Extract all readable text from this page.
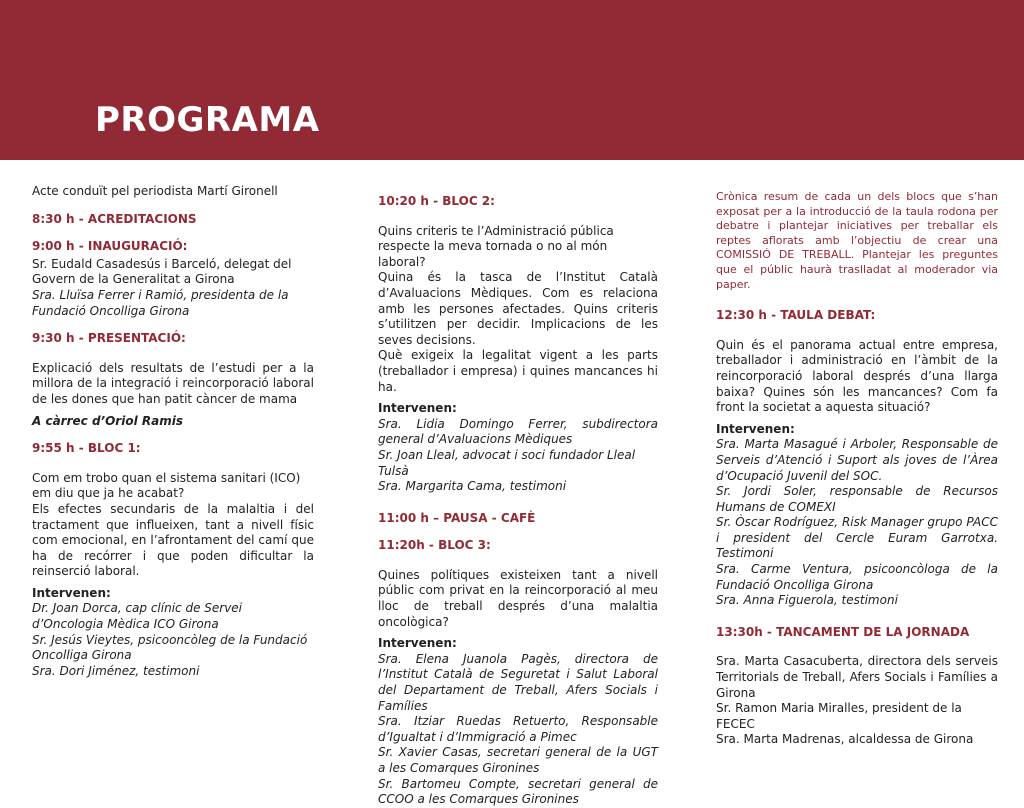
PROGRAMA

Acte conduït pel periodista Martí Gironell

8:30 h - ACREDITACIONS

9:00 h - INAUGURACIÓ:

Sr. Eudald Casadesús i Barceló, delegat del Govern de la Generalitat a Girona

Sra. Lluïsa Ferrer i Ramió, presidenta de la Fundació Oncolliga Girona

9:30 h - PRESENTACIÓ:

Explicació dels resultats de l’estudi per a la millora de la integració i reincorporació laboral de les dones que han patit càncer de mama

A càrrec d’Oriol Ramis

9:55 h - BLOC 1:

Com em trobo quan el sistema sanitari (ICO) em diu que ja he acabat?

Els efectes secundaris de la malaltia i del tractament que influeixen, tant a nivell físic com emocional, en l’afrontament del camí que ha de recórrer i que poden dificultar la reinserció laboral.

Intervenen:

Dr. Joan Dorca, cap clínic de Servei d’Oncologia Mèdica ICO Girona

Sr. Jesús Vieytes, psicooncòleg de la Fundació Oncolliga Girona

Sra. Dori Jiménez, testimoni

10:20 h - BLOC 2:

Quins criteris te l’Administració pública respecte la meva tornada o no al món laboral?

Quina és la tasca de l’Institut Català d’Avaluacions Mèdiques. Com es relaciona amb les persones afectades. Quins criteris s’utilitzen per decidir. Implicacions de les seves decisions.

Què exigeix la legalitat vigent a les parts (treballador i empresa) i quines mancances hi ha.

Intervenen:

Sra. Lidia Domingo Ferrer, subdirectora general d’Avaluacions Mèdiques

Sr. Joan Lleal, advocat i soci fundador Lleal Tulsà

Sra. Margarita Cama, testimoni

11:00 h – PAUSA - CAFÈ

11:20h - BLOC 3:

Quines polítiques existeixen tant a nivell públic com privat en la reincorporació al meu lloc de treball després d’una malaltia oncològica?

Intervenen:

Sra. Elena Juanola Pagès, directora de l’Institut Català de Seguretat i Salut Laboral del Departament de Treball, Afers Socials i Famílies

Sra. Itziar Ruedas Retuerto, Responsable d’Igualtat i d’Immigració a Pimec

Sr. Xavier Casas, secretari general de la UGT a les Comarques Gironines

Sr. Bartomeu Compte, secretari general de CCOO a les Comarques Gironines

Crònica resum de cada un dels blocs que s’han exposat per a la introducció de la taula rodona per debatre i plantejar iniciatives per treballar els reptes aflorats amb l’objectiu de crear una COMISSIÓ DE TREBALL. Plantejar les preguntes que el públic haurà traslladat al moderador via paper.

12:30 h - TAULA DEBAT:

Quin és el panorama actual entre empresa, treballador i administració en l’àmbit de la reincorporació laboral després d’una llarga baixa? Quines són les mancances? Com fa front la societat a aquesta situació?

Intervenen:

Sra. Marta Masagué i Arboler, Responsable de Serveis d’Atenció i Suport als joves de l’Àrea d’Ocupació Juvenil del SOC.

Sr. Jordi Soler, responsable de Recursos Humans de COMEXI

Sr. Òscar Rodríguez, Risk Manager grupo PACC i president del Cercle Euram Garrotxa. Testimoni

Sra. Carme Ventura, psicooncòloga de la Fundació Oncolliga Girona

Sra. Anna Figuerola, testimoni

13:30h - TANCAMENT DE LA JORNADA

Sra. Marta Casacuberta, directora dels serveis Territorials de Treball, Afers Socials i Famílies a Girona

Sr. Ramon Maria Miralles, president de la FECEC

Sra. Marta Madrenas, alcaldessa de Girona
